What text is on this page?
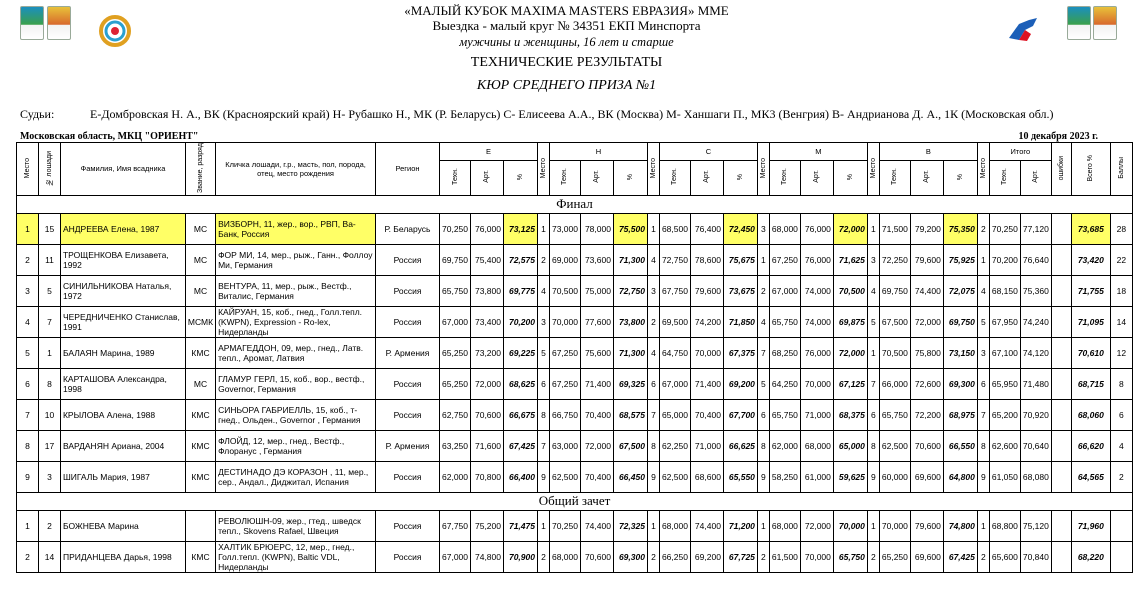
«МАЛЫЙ КУБОК MAXIMA MASTERS ЕВРАЗИЯ» ММЕ
Выездка - малый круг № 34351 ЕКП Минспорта
мужчины и женщины, 16 лет и старше
ТЕХНИЧЕСКИЕ РЕЗУЛЬТАТЫ
КЮР СРЕДНЕГО ПРИЗА №1
Судьи:	Е-Домбровская Н. А., ВК (Красноярский край) Н- Рубашко Н., МК (Р. Беларусь) С- Елисеева А.А., ВК (Москва) М- Ханшаги П., МК3 (Венгрия) В- Андрианова Д. А., 1К (Московская обл.)
Московская область, МКЦ "ОРИЕНТ"	10 декабря 2023 г.
Место	№ лошади	Фамилия, Имя всадника	Звание, разряд	Кличка лошади, г.р., масть, пол, порода, отец, место рождения	Регион	Е			Место	Н			Место	С			Место	М			Место	В			Место	Итого		ошибки	Всего %	Баллы
						Техн.	Арт.	%		Техн.	Арт.	%		Техн.	Арт.	%		Техн.	Арт.	%		Техн.	Арт.	%		Техн.	Арт.			
Финал																														
1	15	АНДРЕЕВА Елена, 1987	МС	ВИЗБОРН, 11, жер., вор., РВП, Ва-Банк, Россия	Р. Беларусь	70,250	76,000	73,125	1	73,000	78,000	75,500	1	68,500	76,400	72,450	3	68,000	76,000	72,000	1	71,500	79,200	75,350	2	70,250	77,120		73,685	28
2	11	ТРОЩЕНКОВА Елизавета, 1992	МС	ФОР МИ, 14, мер., рыж., Ганн., Фоллоу Ми, Германия	Россия	69,750	75,400	72,575	2	69,000	73,600	71,300	4	72,750	78,600	75,675	1	67,250	76,000	71,625	3	72,250	79,600	75,925	1	70,200	76,640		73,420	22
3	5	СИНИЛЬНИКОВА Наталья, 1972	МС	ВЕНТУРА, 11, мер., рыж., Вестф., Виталис, Германия	Россия	65,750	73,800	69,775	4	70,500	75,000	72,750	3	67,750	79,600	73,675	2	67,000	74,000	70,500	4	69,750	74,400	72,075	4	68,150	75,360		71,755	18
4	7	ЧЕРЕДНИЧЕНКО Станислав, 1991	МСМК	КАЙРУАН, 15, коб., гнед., Голл.тепл. (KWPN), Expression - Ro-lex, Нидерланды	Россия	67,000	73,400	70,200	3	70,000	77,600	73,800	2	69,500	74,200	71,850	4	65,750	74,000	69,875	5	67,500	72,000	69,750	5	67,950	74,240		71,095	14
5	1	БАЛАЯН Марина, 1989	КМС	АРМАГЕДДОН, 09, мер., гнед., Латв. тепл., Аромат, Латвия	Р. Армения	65,250	73,200	69,225	5	67,250	75,600	71,300	4	64,750	70,000	67,375	7	68,250	76,000	72,000	1	70,500	75,800	73,150	3	67,100	74,120		70,610	12
6	8	КАРТАШОВА Александра, 1998	МС	ГЛАМУР ГЕРЛ, 15, коб., вор., вестф., Governor, Германия	Россия	65,250	72,000	68,625	6	67,250	71,400	69,325	6	67,000	71,400	69,200	5	64,250	70,000	67,125	7	66,000	72,600	69,300	6	65,950	71,480		68,715	8
7	10	КРЫЛОВА Алена, 1988	КМС	СИНЬОРА ГАБРИЕЛЛЬ, 15, коб., т-гнед., Ольден., Governor , Германия	Россия	62,750	70,600	66,675	8	66,750	70,400	68,575	7	65,000	70,400	67,700	6	65,750	71,000	68,375	6	65,750	72,200	68,975	7	65,200	70,920		68,060	6
8	17	ВАРДАНЯН Ариана, 2004	КМС	ФЛОЙД, 12, мер., гнед., Вестф., Флоранус , Германия	Р. Армения	63,250	71,600	67,425	7	63,000	72,000	67,500	8	62,250	71,000	66,625	8	62,000	68,000	65,000	8	62,500	70,600	66,550	8	62,600	70,640		66,620	4
9	3	ШИГАЛЬ Мария, 1987	КМС	ДЕСТИНАДО ДЭ КОРАЗОН , 11, мер., сер., Андал., Диджитал, Испания	Россия	62,000	70,800	66,400	9	62,500	70,400	66,450	9	62,500	68,600	65,550	9	58,250	61,000	59,625	9	60,000	69,600	64,800	9	61,050	68,080		64,565	2
Общий зачет																														
1	2	БОЖНЕВА Марина		РЕВОЛЮШН-09, жер., гтед., шведск тепл., Skovens Rafael, Швеция	Россия	67,750	75,200	71,475	1	70,250	74,400	72,325	1	68,000	74,400	71,200	1	68,000	72,000	70,000	1	70,000	79,600	74,800	1	68,800	75,120		71,960	
2	14	ПРИДАНЦЕВА Дарья, 1998	КМС	ХАЛТИК БРЮЕРС, 12, мер., гнед., Голл.тепл. (KWPN), Baltic VDL, Нидерланды	Россия	67,000	74,800	70,900	2	68,000	70,600	69,300	2	66,250	69,200	67,725	2	61,500	70,000	65,750	2	65,250	69,600	67,425	2	65,600	70,840		68,220	
